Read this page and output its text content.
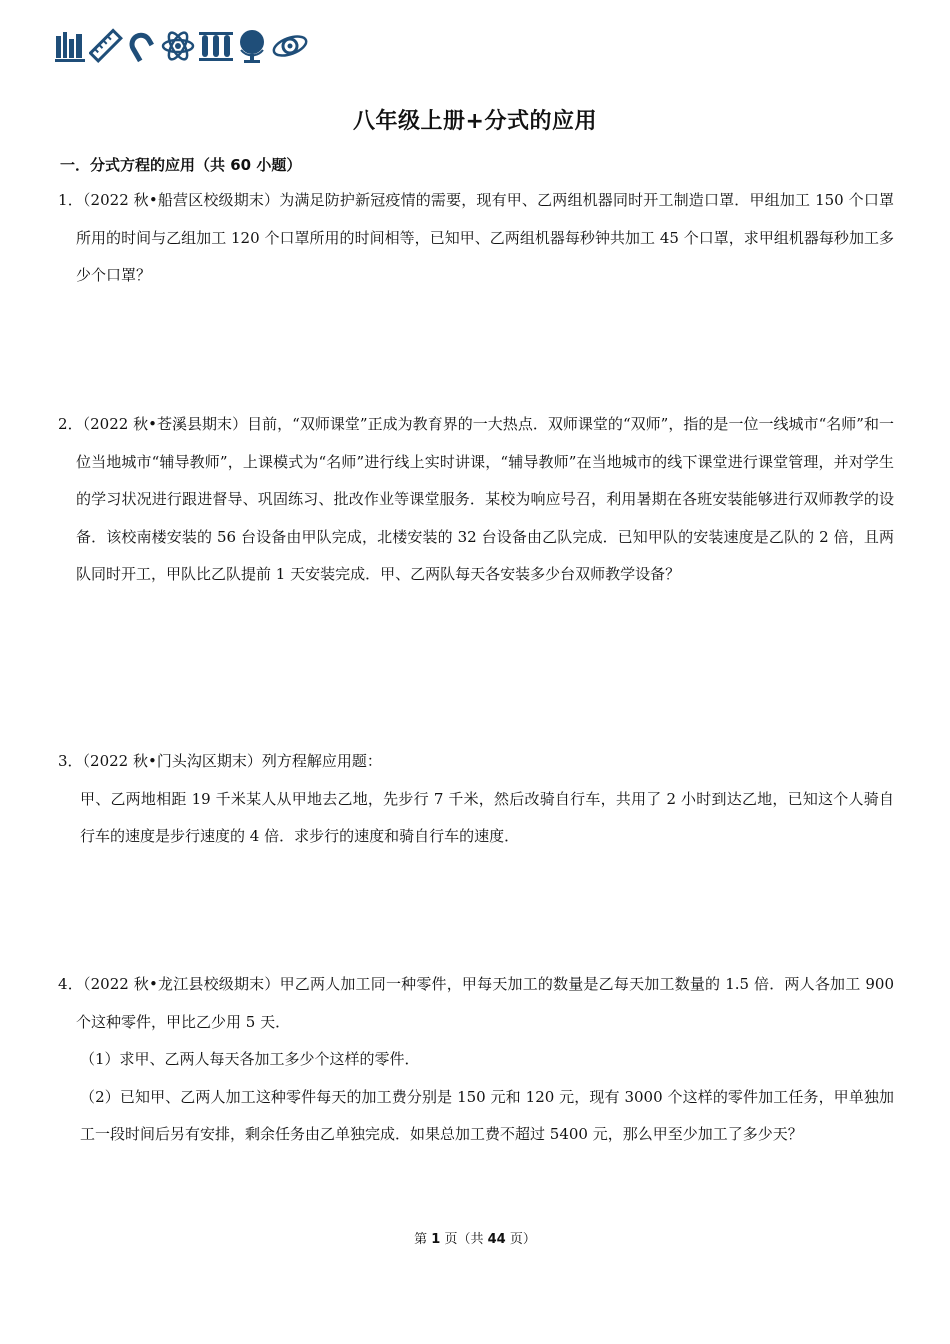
八年级上册+分式的应用
一．分式方程的应用（共 60 小题）

1．（2022 秋•船营区校级期末）为满足防护新冠疫情的需要，现有甲、乙两组机器同时开工制造口罩．甲组加工 150 个口罩所用的时间与乙组加工 120 个口罩所用的时间相等，已知甲、乙两组机器每秒钟共加工 45 个口罩，求甲组机器每秒加工多少个口罩？

2．（2022 秋•苍溪县期末）目前，“双师课堂”正成为教育界的一大热点．双师课堂的“双师”，指的是一位一线城市“名师”和一位当地城市“辅导教师”，上课模式为“名师”进行线上实时讲课，“辅导教师”在当地城市的线下课堂进行课堂管理，并对学生的学习状况进行跟进督导、巩固练习、批改作业等课堂服务．某校为响应号召，利用暑期在各班安装能够进行双师教学的设备．该校南楼安装的 56 台设备由甲队完成，北楼安装的 32 台设备由乙队完成．已知甲队的安装速度是乙队的 2 倍，且两队同时开工，甲队比乙队提前 1 天安装完成．甲、乙两队每天各安装多少台双师教学设备？

3．（2022 秋•门头沟区期末）列方程解应用题：

甲、乙两地相距 19 千米某人从甲地去乙地，先步行 7 千米，然后改骑自行车，共用了 2 小时到达乙地，已知这个人骑自行车的速度是步行速度的 4 倍．求步行的速度和骑自行车的速度．

4．（2022 秋•龙江县校级期末）甲乙两人加工同一种零件，甲每天加工的数量是乙每天加工数量的 1.5 倍．两人各加工 900 个这种零件，甲比乙少用 5 天．

（1）求甲、乙两人每天各加工多少个这样的零件．

（2）已知甲、乙两人加工这种零件每天的加工费分别是 150 元和 120 元，现有 3000 个这样的零件加工任务，甲单独加工一段时间后另有安排，剩余任务由乙单独完成．如果总加工费不超过 5400 元，那么甲至少加工了多少天？

第 1 页（共 44 页）
